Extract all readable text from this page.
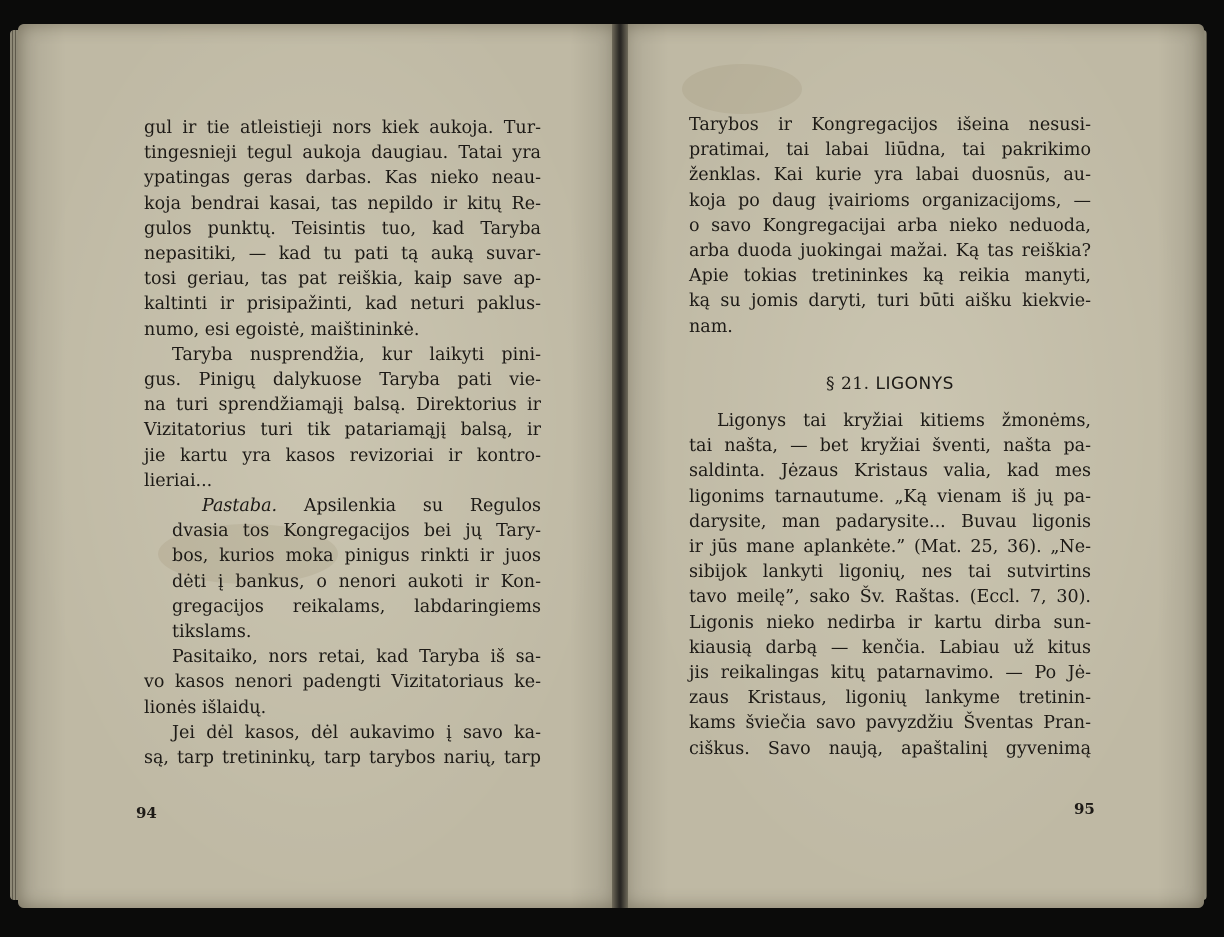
gul ir tie atleistieji nors kiek aukoja. Tur-
tingesnieji tegul aukoja daugiau. Tatai yra
ypatingas geras darbas. Kas nieko neau-
koja bendrai kasai, tas nepildo ir kitų Re-
gulos punktų. Teisintis tuo, kad Taryba
nepasitiki, — kad tu pati tą auką suvar-
tosi geriau, tas pat reiškia, kaip save ap-
kaltinti ir prisipažinti, kad neturi paklus-
numo, esi egoistė, maištininkė.
Taryba nusprendžia, kur laikyti pini-
gus. Pinigų dalykuose Taryba pati vie-
na turi sprendžiamąjį balsą. Direktorius ir
Vizitatorius turi tik patariamąjį balsą, ir
jie kartu yra kasos revizoriai ir kontro-
lieriai...
Pastaba. Apsilenkia su Regulos
dvasia tos Kongregacijos bei jų Tary-
bos, kurios moka pinigus rinkti ir juos
dėti į bankus, o nenori aukoti ir Kon-
gregacijos reikalams, labdaringiems
tikslams.
Pasitaiko, nors retai, kad Taryba iš sa-
vo kasos nenori padengti Vizitatoriaus ke-
lionės išlaidų.
Jei dėl kasos, dėl aukavimo į savo ka-
są, tarp tretininkų, tarp tarybos narių, tarp
94
Tarybos ir Kongregacijos išeina nesusi-
pratimai, tai labai liūdna, tai pakrikimo
ženklas. Kai kurie yra labai duosnūs, au-
koja po daug įvairioms organizacijoms, —
o savo Kongregacijai arba nieko neduoda,
arba duoda juokingai mažai. Ką tas reiškia?
Apie tokias tretininkes ką reikia manyti,
ką su jomis daryti, turi būti aišku kiekvie-
nam.
§ 21. LIGONYS
Ligonys tai kryžiai kitiems žmonėms,
tai našta, — bet kryžiai šventi, našta pa-
saldinta. Jėzaus Kristaus valia, kad mes
ligonims tarnautume. „Ką vienam iš jų pa-
darysite, man padarysite... Buvau ligonis
ir jūs mane aplankėte.” (Mat. 25, 36). „Ne-
sibijok lankyti ligonių, nes tai sutvirtins
tavo meilę”, sako Šv. Raštas. (Eccl. 7, 30).
Ligonis nieko nedirba ir kartu dirba sun-
kiausią darbą — kenčia. Labiau už kitus
jis reikalingas kitų patarnavimo. — Po Jė-
zaus Kristaus, ligonių lankyme tretinin-
kams šviečia savo pavyzdžiu Šventas Pran-
ciškus. Savo naują, apaštalinį gyvenimą
95
